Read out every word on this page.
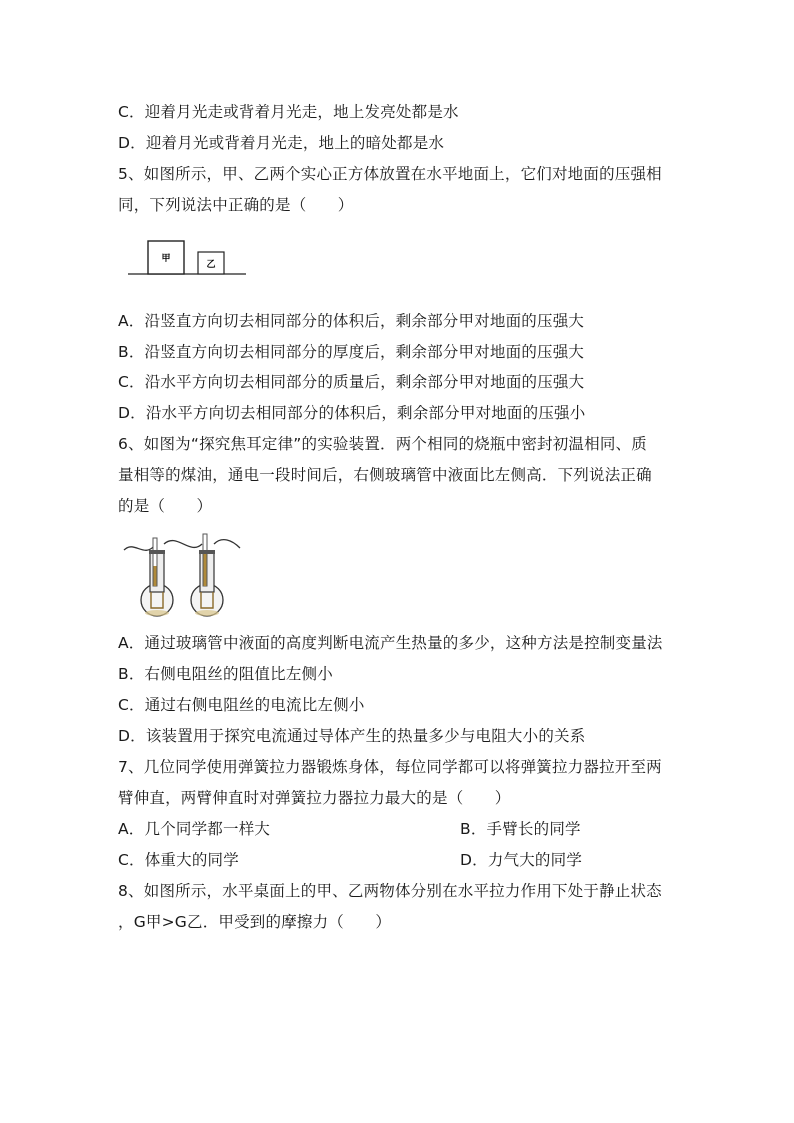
C．迎着月光走或背着月光走，地上发亮处都是水
D．迎着月光或背着月光走，地上的暗处都是水
5、如图所示，甲、乙两个实心正方体放置在水平地面上，它们对地面的压强相
同，下列说法中正确的是（　　）
甲
乙
A．沿竖直方向切去相同部分的体积后，剩余部分甲对地面的压强大
B．沿竖直方向切去相同部分的厚度后，剩余部分甲对地面的压强大
C．沿水平方向切去相同部分的质量后，剩余部分甲对地面的压强大
D．沿水平方向切去相同部分的体积后，剩余部分甲对地面的压强小
6、如图为“探究焦耳定律”的实验装置．两个相同的烧瓶中密封初温相同、质
量相等的煤油，通电一段时间后，右侧玻璃管中液面比左侧高．下列说法正确
的是（　　）
A．通过玻璃管中液面的高度判断电流产生热量的多少，这种方法是控制变量法
B．右侧电阻丝的阻值比左侧小
C．通过右侧电阻丝的电流比左侧小
D．该装置用于探究电流通过导体产生的热量多少与电阻大小的关系
7、几位同学使用弹簧拉力器锻炼身体，每位同学都可以将弹簧拉力器拉开至两
臂伸直，两臂伸直时对弹簧拉力器拉力最大的是（　　）
A．几个同学都一样大	B．手臂长的同学
C．体重大的同学	D．力气大的同学
8、如图所示，水平桌面上的甲、乙两物体分别在水平拉力作用下处于静止状态
，G甲>G乙．甲受到的摩擦力（　　）
